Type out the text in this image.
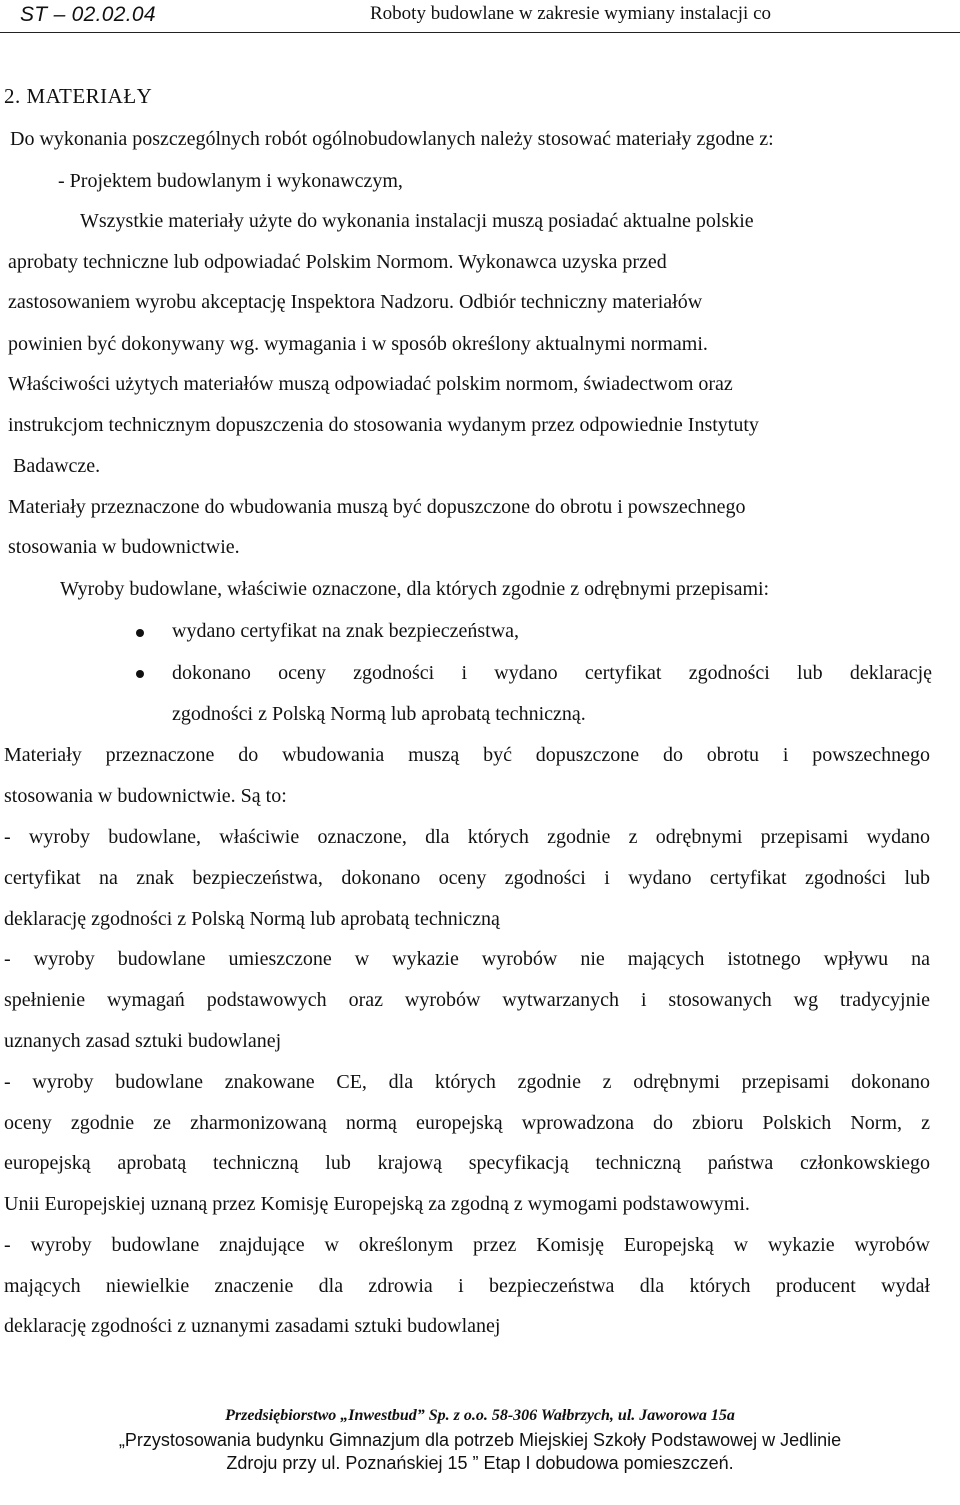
ST – 02.02.04	Roboty budowlane w zakresie wymiany instalacji co
2. MATERIAŁY
Do wykonania poszczególnych robót ogólnobudowlanych należy stosować materiały zgodne z:
- Projektem budowlanym i wykonawczym,
Wszystkie materiały użyte do wykonania instalacji muszą posiadać aktualne polskie
aprobaty techniczne lub odpowiadać Polskim Normom. Wykonawca uzyska przed
zastosowaniem wyrobu akceptację Inspektora Nadzoru. Odbiór techniczny materiałów
powinien być dokonywany wg. wymagania i w sposób określony aktualnymi normami.
Właściwości użytych materiałów muszą odpowiadać polskim normom, świadectwom oraz
instrukcjom technicznym dopuszczenia do stosowania wydanym przez odpowiednie Instytuty
Badawcze.
Materiały przeznaczone do wbudowania muszą być dopuszczone do obrotu i powszechnego
stosowania w budownictwie.
Wyroby budowlane, właściwie oznaczone, dla których zgodnie z odrębnymi przepisami:
wydano certyfikat na znak bezpieczeństwa,
dokonano oceny zgodności i wydano certyfikat zgodności lub deklarację
zgodności z Polską Normą lub aprobatą techniczną.
Materiały przeznaczone do wbudowania muszą być dopuszczone do obrotu i powszechnego
stosowania w budownictwie. Są to:
- wyroby budowlane, właściwie oznaczone, dla których zgodnie z odrębnymi przepisami wydano
certyfikat na znak bezpieczeństwa, dokonano oceny zgodności i wydano certyfikat zgodności lub
deklarację zgodności z Polską Normą lub aprobatą techniczną
- wyroby budowlane umieszczone w wykazie wyrobów nie mających istotnego wpływu na
spełnienie wymagań podstawowych oraz wyrobów wytwarzanych i stosowanych wg tradycyjnie
uznanych zasad sztuki budowlanej
- wyroby budowlane znakowane CE, dla których zgodnie z odrębnymi przepisami dokonano
oceny zgodnie ze zharmonizowaną normą europejską wprowadzona do zbioru Polskich Norm, z
europejską aprobatą techniczną lub krajową specyfikacją techniczną państwa członkowskiego
Unii Europejskiej uznaną przez Komisję Europejską za zgodną z wymogami podstawowymi.
- wyroby budowlane znajdujące w określonym przez Komisję Europejską w wykazie wyrobów
mających niewielkie znaczenie dla zdrowia i bezpieczeństwa dla których producent wydał
deklarację zgodności z uznanymi zasadami sztuki budowlanej
Przedsiębiorstwo „Inwestbud” Sp. z o.o. 58-306 Wałbrzych, ul. Jaworowa 15a
„Przystosowania budynku Gimnazjum dla potrzeb Miejskiej Szkoły Podstawowej w Jedlinie
Zdroju przy ul. Poznańskiej 15 ” Etap I dobudowa pomieszczeń.
